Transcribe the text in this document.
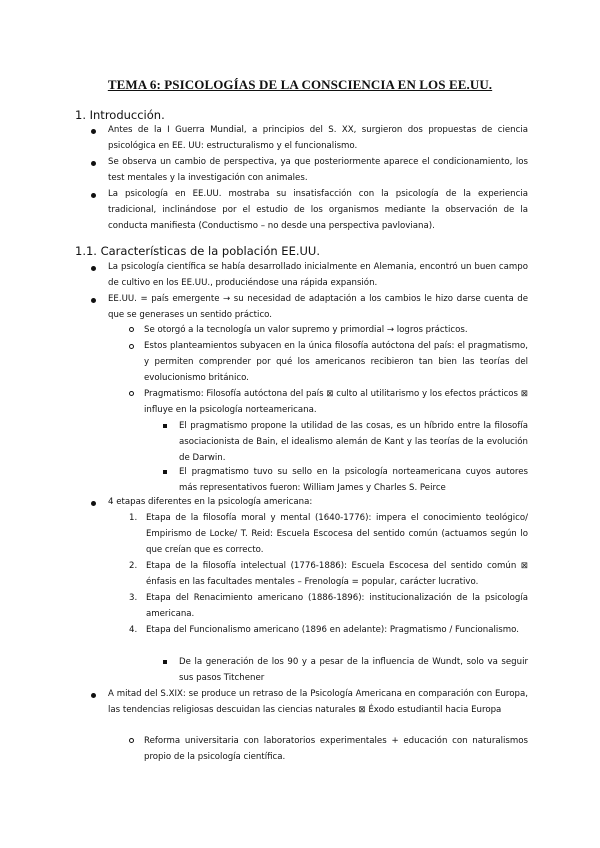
TEMA 6: PSICOLOGÍAS DE LA CONSCIENCIA EN LOS EE.UU.
1. Introducción.
Antes de la I Guerra Mundial, a principios del S. XX, surgieron dos propuestas de ciencia psicológica en EE. UU: estructuralismo y el funcionalismo.
Se observa un cambio de perspectiva, ya que posteriormente aparece el condicionamiento, los test mentales y la investigación con animales.
La psicología en EE.UU. mostraba su insatisfacción con la psicología de la experiencia tradicional, inclinándose por el estudio de los organismos mediante la observación de la conducta manifiesta (Conductismo – no desde una perspectiva pavloviana).
1.1. Características de la población EE.UU.
La psicología científica se había desarrollado inicialmente en Alemania, encontró un buen campo de cultivo en los EE.UU., produciéndose una rápida expansión.
EE.UU. = país emergente → su necesidad de adaptación a los cambios le hizo darse cuenta de que se generases un sentido práctico.
Se otorgó a la tecnología un valor supremo y primordial → logros prácticos.
Estos planteamientos subyacen en la única filosofía autóctona del país: el pragmatismo, y permiten comprender por qué los americanos recibieron tan bien las teorías del evolucionismo británico.
Pragmatismo: Filosofía autóctona del país ⊠ culto al utilitarismo y los efectos prácticos ⊠ influye en la psicología norteamericana.
El pragmatismo propone la utilidad de las cosas, es un híbrido entre la filosofía asociacionista de Bain, el idealismo alemán de Kant y las teorías de la evolución de Darwin.
El pragmatismo tuvo su sello en la psicología norteamericana cuyos autores más representativos fueron: William James y Charles S. Peirce
4 etapas diferentes en la psicología americana:
1. Etapa de la filosofía moral y mental (1640-1776): impera el conocimiento teológico/ Empirismo de Locke/ T. Reid: Escuela Escocesa del sentido común (actuamos según lo que creían que es correcto.
2. Etapa de la filosofía intelectual (1776-1886): Escuela Escocesa del sentido común ⊠ énfasis en las facultades mentales – Frenología = popular, carácter lucrativo.
3. Etapa del Renacimiento americano (1886-1896): institucionalización de la psicología americana.
4. Etapa del Funcionalismo americano (1896 en adelante): Pragmatismo / Funcionalismo.
De la generación de los 90 y a pesar de la influencia de Wundt, solo va seguir sus pasos Titchener
A mitad del S.XIX: se produce un retraso de la Psicología Americana en comparación con Europa, las tendencias religiosas descuidan las ciencias naturales ⊠ Éxodo estudiantil hacia Europa
Reforma universitaria con laboratorios experimentales + educación con naturalismos propio de la psicología científica.
